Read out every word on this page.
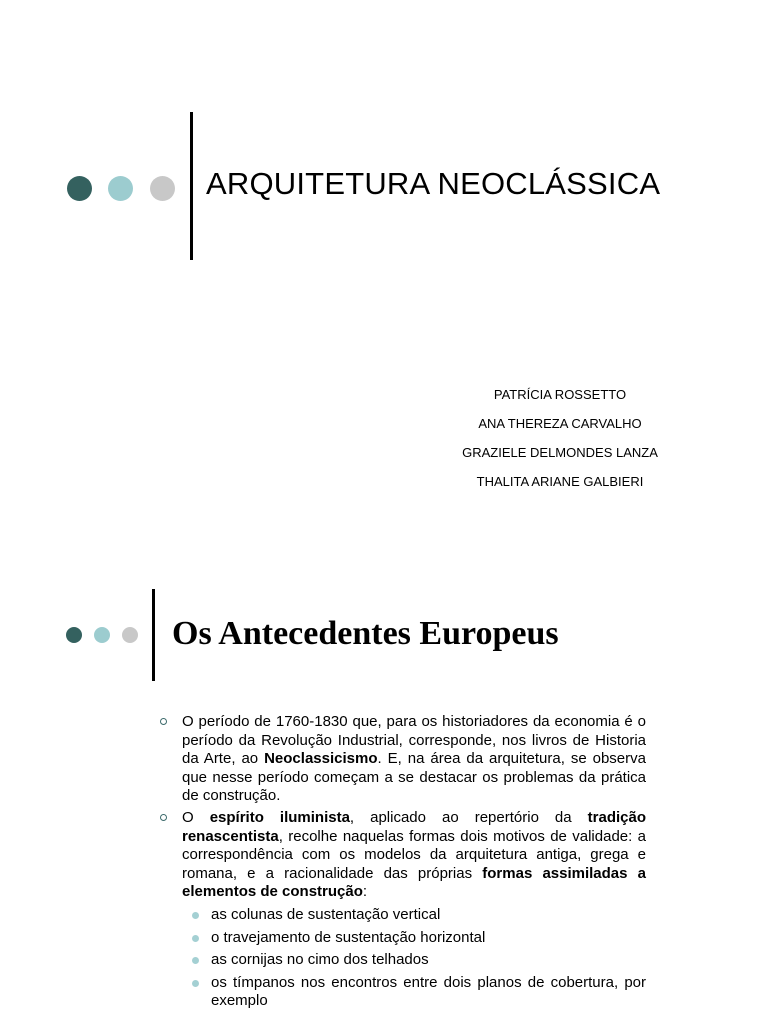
ARQUITETURA NEOCLÁSSICA
PATRÍCIA ROSSETTO
ANA THEREZA CARVALHO
GRAZIELE DELMONDES LANZA
THALITA ARIANE GALBIERI
Os Antecedentes Europeus
O período de 1760-1830 que, para os historiadores da economia é o período da Revolução Industrial, corresponde, nos livros de Historia da Arte, ao Neoclassicismo. E, na área da arquitetura, se observa que nesse período começam a se destacar os problemas da prática de construção.
O espírito iluminista, aplicado ao repertório da tradição renascentista, recolhe naquelas formas dois motivos de validade: a correspondência com os modelos da arquitetura antiga, grega e romana, e a racionalidade das próprias formas assimiladas a elementos de construção:
as colunas de sustentação vertical
o travejamento de sustentação horizontal
as cornijas no cimo dos telhados
os tímpanos nos encontros entre dois planos de cobertura, por exemplo
